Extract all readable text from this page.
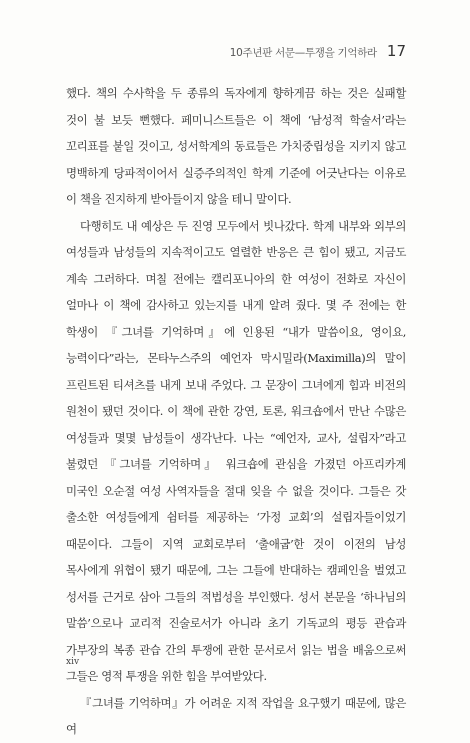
10주년판 서문—투쟁을 기억하라 17

했다. 책의 수사학을 두 종류의 독자에게 향하게끔 하는 것은 실패할 것이 불 보듯 뻔했다. 페미니스트들은 이 책에 ‘남성적 학술서’라는 꼬리표를 붙일 것이고, 성서학계의 동료들은 가치중립성을 지키지 않고 명백하게 당파적이어서 실증주의적인 학계 기준에 어긋난다는 이유로 이 책을 진지하게 받아들이지 않을 테니 말이다.

다행히도 내 예상은 두 진영 모두에서 빗나갔다. 학계 내부와 외부의 여성들과 남성들의 지속적이고도 열렬한 반응은 큰 힘이 됐고, 지금도 계속 그러하다. 며칠 전에는 캘리포니아의 한 여성이 전화로 자신이 얼마나 이 책에 감사하고 있는지를 내게 알려 줬다. 몇 주 전에는 한 학생이 『그녀를 기억하며』에 인용된 “내가 말씀이요, 영이요, 능력이다”라는, 몬타누스주의 예언자 막시밀라(Maximilla)의 말이 프린트된 티셔츠를 내게 보내 주었다. 그 문장이 그녀에게 힘과 비전의 원천이 됐던 것이다. 이 책에 관한 강연, 토론, 워크숍에서 만난 수많은 여성들과 몇몇 남성들이 생각난다. 나는 “예언자, 교사, 설립자”라고 불렸던 『그녀를 기억하며』 워크숍에 관심을 가졌던 아프리카계 미국인 오순절 여성 사역자들을 절대 잊을 수 없을 것이다. 그들은 갓 출소한 여성들에게 쉼터를 제공하는 ‘가정 교회’의 설립자들이었기 때문이다. 그들이 지역 교회로부터 ‘출애굽’한 것이 이전의 남성 목사에게 위협이 됐기 때문에, 그는 그들에 반대하는 캠페인을 벌였고 성서를 근거로 삼아 그들의 적법성을 부인했다. 성서 본문을 ‘하나님의 말씀’으로나 교리적 진술로서가 아니라 초기 기독교의 평등 관습과 가부장의 복종 관습 간의 투쟁에 관한 문서로서 읽는 법을 배움으로써 그들은 영적 투쟁을 위한 힘을 부여받았다.

『그녀를 기억하며』가 어려운 지적 작업을 요구했기 때문에, 많은 여

xiv
